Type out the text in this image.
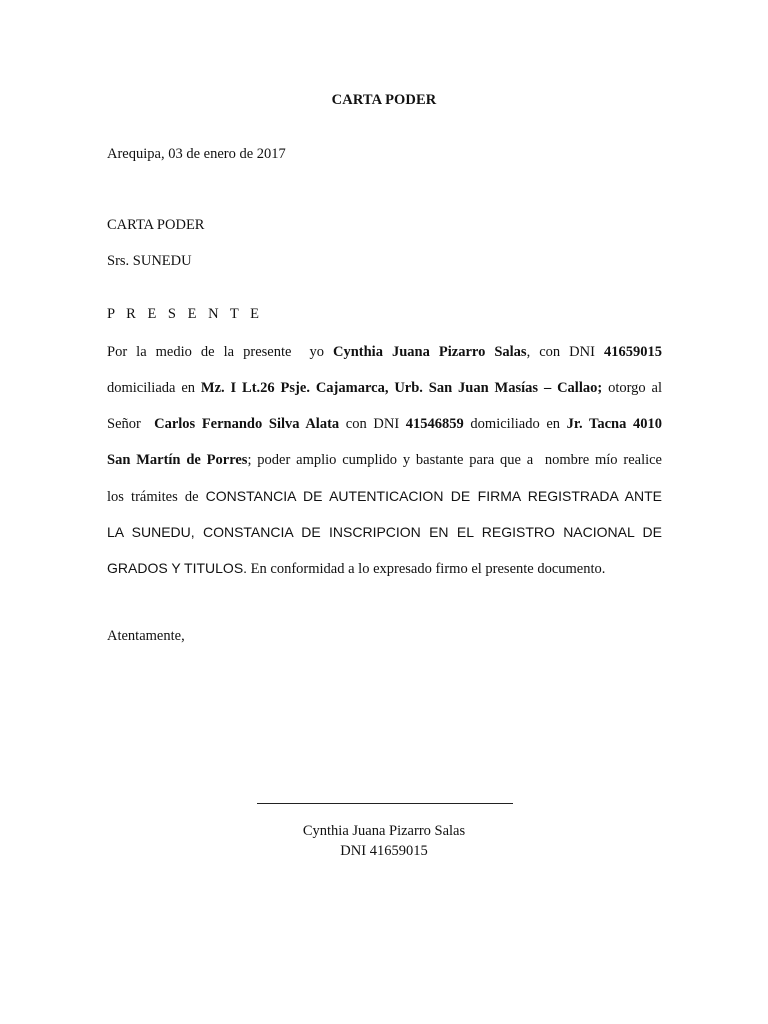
CARTA PODER
Arequipa, 03 de enero de 2017
CARTA PODER
Srs. SUNEDU
P R E S E N T E
Por la medio de la presente  yo Cynthia Juana Pizarro Salas, con DNI 41659015
domiciliada en Mz. I Lt.26 Psje. Cajamarca, Urb. San Juan Masías – Callao; otorgo al
Señor  Carlos Fernando Silva Alata con DNI 41546859 domiciliado en Jr. Tacna 4010
San Martín de Porres; poder amplio cumplido y bastante para que a  nombre mío realice
los trámites de CONSTANCIA DE AUTENTICACION DE FIRMA REGISTRADA ANTE
LA SUNEDU, CONSTANCIA DE INSCRIPCION EN EL REGISTRO NACIONAL DE
GRADOS Y TITULOS. En conformidad a lo expresado firmo el presente documento.
Atentamente,
Cynthia Juana Pizarro Salas
DNI 41659015
